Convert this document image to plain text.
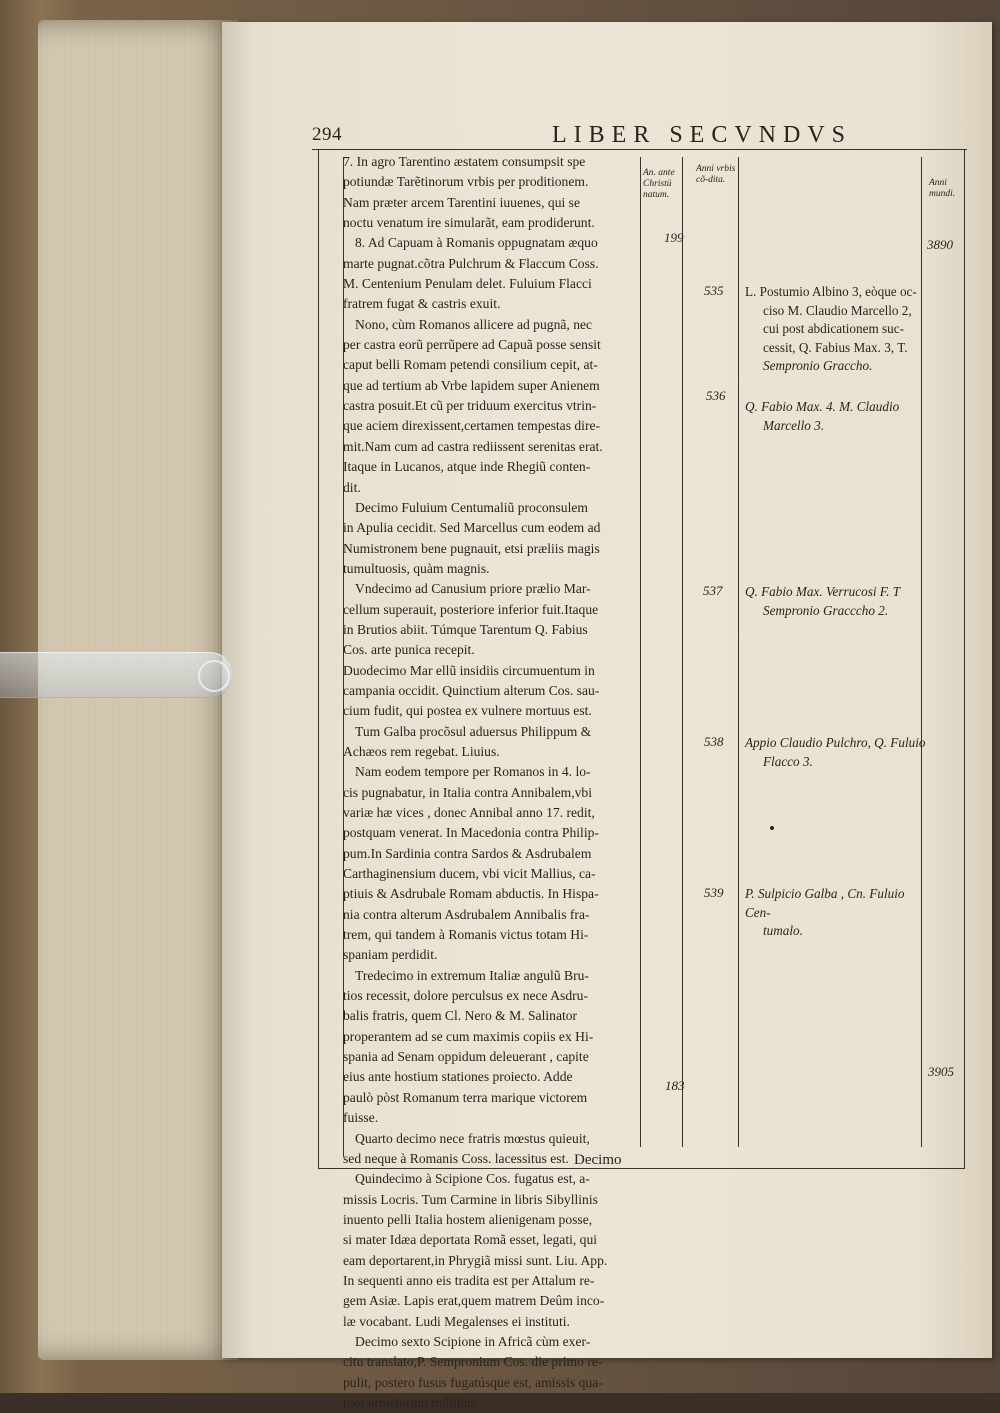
294	LIBER SECVNDVS
An. ante Christü natum.
Anni vrbis cõ-dita.	Anni mundi.

7. In agro Tarentino æstatem consumpsit spe

potiundæ Tarẽtinorum vrbis per proditionem.

Nam præter arcem Tarentini iuuenes, qui se

noctu venatum ire simularãt, eam prodiderunt.

8. Ad Capuam à Romanis oppugnatam æquo

marte pugnat.cõtra Pulchrum & Flaccum Coss.

M. Centenium Penulam delet. Fuluium Flacci

fratrem fugat & castris exuit.

Nono, cùm Romanos allicere ad pugnã, nec

per castra eorũ perrũpere ad Capuã posse sensit

caput belli Romam petendi consilium cepit, at-

que ad tertium ab Vrbe lapidem super Anienem

castra posuit.Et cũ per triduum exercitus vtrin-

que aciem direxissent,certamen tempestas dire-

mit.Nam cum ad castra rediissent serenitas erat.

Itaque in Lucanos, atque inde Rhegiũ conten-

dit.

Decimo Fuluium Centumaliũ proconsulem

in Apulia cecidit. Sed Marcellus cum eodem ad

Numistronem bene pugnauit, etsi præliis magis

tumultuosis, quàm magnis.

Vndecimo ad Canusium priore prælio Mar-

cellum superauit, posteriore inferior fuit.Itaque

in Brutios abiit. Túmque Tarentum Q. Fabius

Cos. arte punica recepit.

Duodecimo Mar ellũ insidiis circumuentum in

campania occidit. Quinctium alterum Cos. sau-

cium fudit, qui postea ex vulnere mortuus est.

Tum Galba procõsul aduersus Philippum &

Achæos rem regebat. Liuius.

Nam eodem tempore per Romanos in 4. lo-

cis pugnabatur, in Italia contra Annibalem,vbi

variæ hæ vices , donec Annibal anno 17. redit,

postquam venerat. In Macedonia contra Philip-

pum.In Sardinia contra Sardos & Asdrubalem

Carthaginensium ducem, vbi vicit Mallius, ca-

ptiuis & Asdrubale Romam abductis. In Hispa-

nia contra alterum Asdrubalem Annibalis fra-

trem, qui tandem à Romanis victus totam Hi-

spaniam perdidit.

Tredecimo in extremum Italiæ angulũ Bru-

tios recessit, dolore perculsus ex nece Asdru-

balis fratris, quem Cl. Nero & M. Salinator

properantem ad se cum maximis copiis ex Hi-

spania ad Senam oppidum deleuerant , capite

eius ante hostium stationes proiecto. Adde

paulò pòst Romanum terra marique victorem

fuisse.

Quarto decimo nece fratris mœstus quieuit,

sed neque à Romanis Coss. lacessitus est.

Quindecimo à Scipione Cos. fugatus est, a-

missis Locris. Tum Carmine in libris Sibyllinis

inuento pelli Italia hostem alienigenam posse,

si mater Idæa deportata Romã esset, legati, qui

eam deportarent,in Phrygiã missi sunt. Liu. App.

In sequenti anno eis tradita est per Attalum re-

gem Asiæ. Lapis erat,quem matrem Deûm inco-

læ vocabant. Ludi Megalenses ei instituti.

Decimo sexto Scipione in Africã cùm exer-

citu translato,P. Sempronium Cos. die primo re-

pulit, postero fusus fugatúsque est, amissis qua-

tuor armatorum millibus.

199
183
535
536
537
538
539
3890
3905

L. Postumio Albino 3, eòque oc-

ciso M. Claudio Marcello 2,

cui post abdicationem suc-

cessit, Q. Fabius Max. 3, T.

Sempronio Graccho.

Q. Fabio Max. 4. M. Claudio

Marcello 3.

Q. Fabio Max. Verrucosi F. T

Sempronio Gracccho 2.

Appio Claudio Pulchro, Q. Fuluio

Flacco 3.

P. Sulpicio Galba , Cn. Fuluio Cen-

tumalo.

Decimo
